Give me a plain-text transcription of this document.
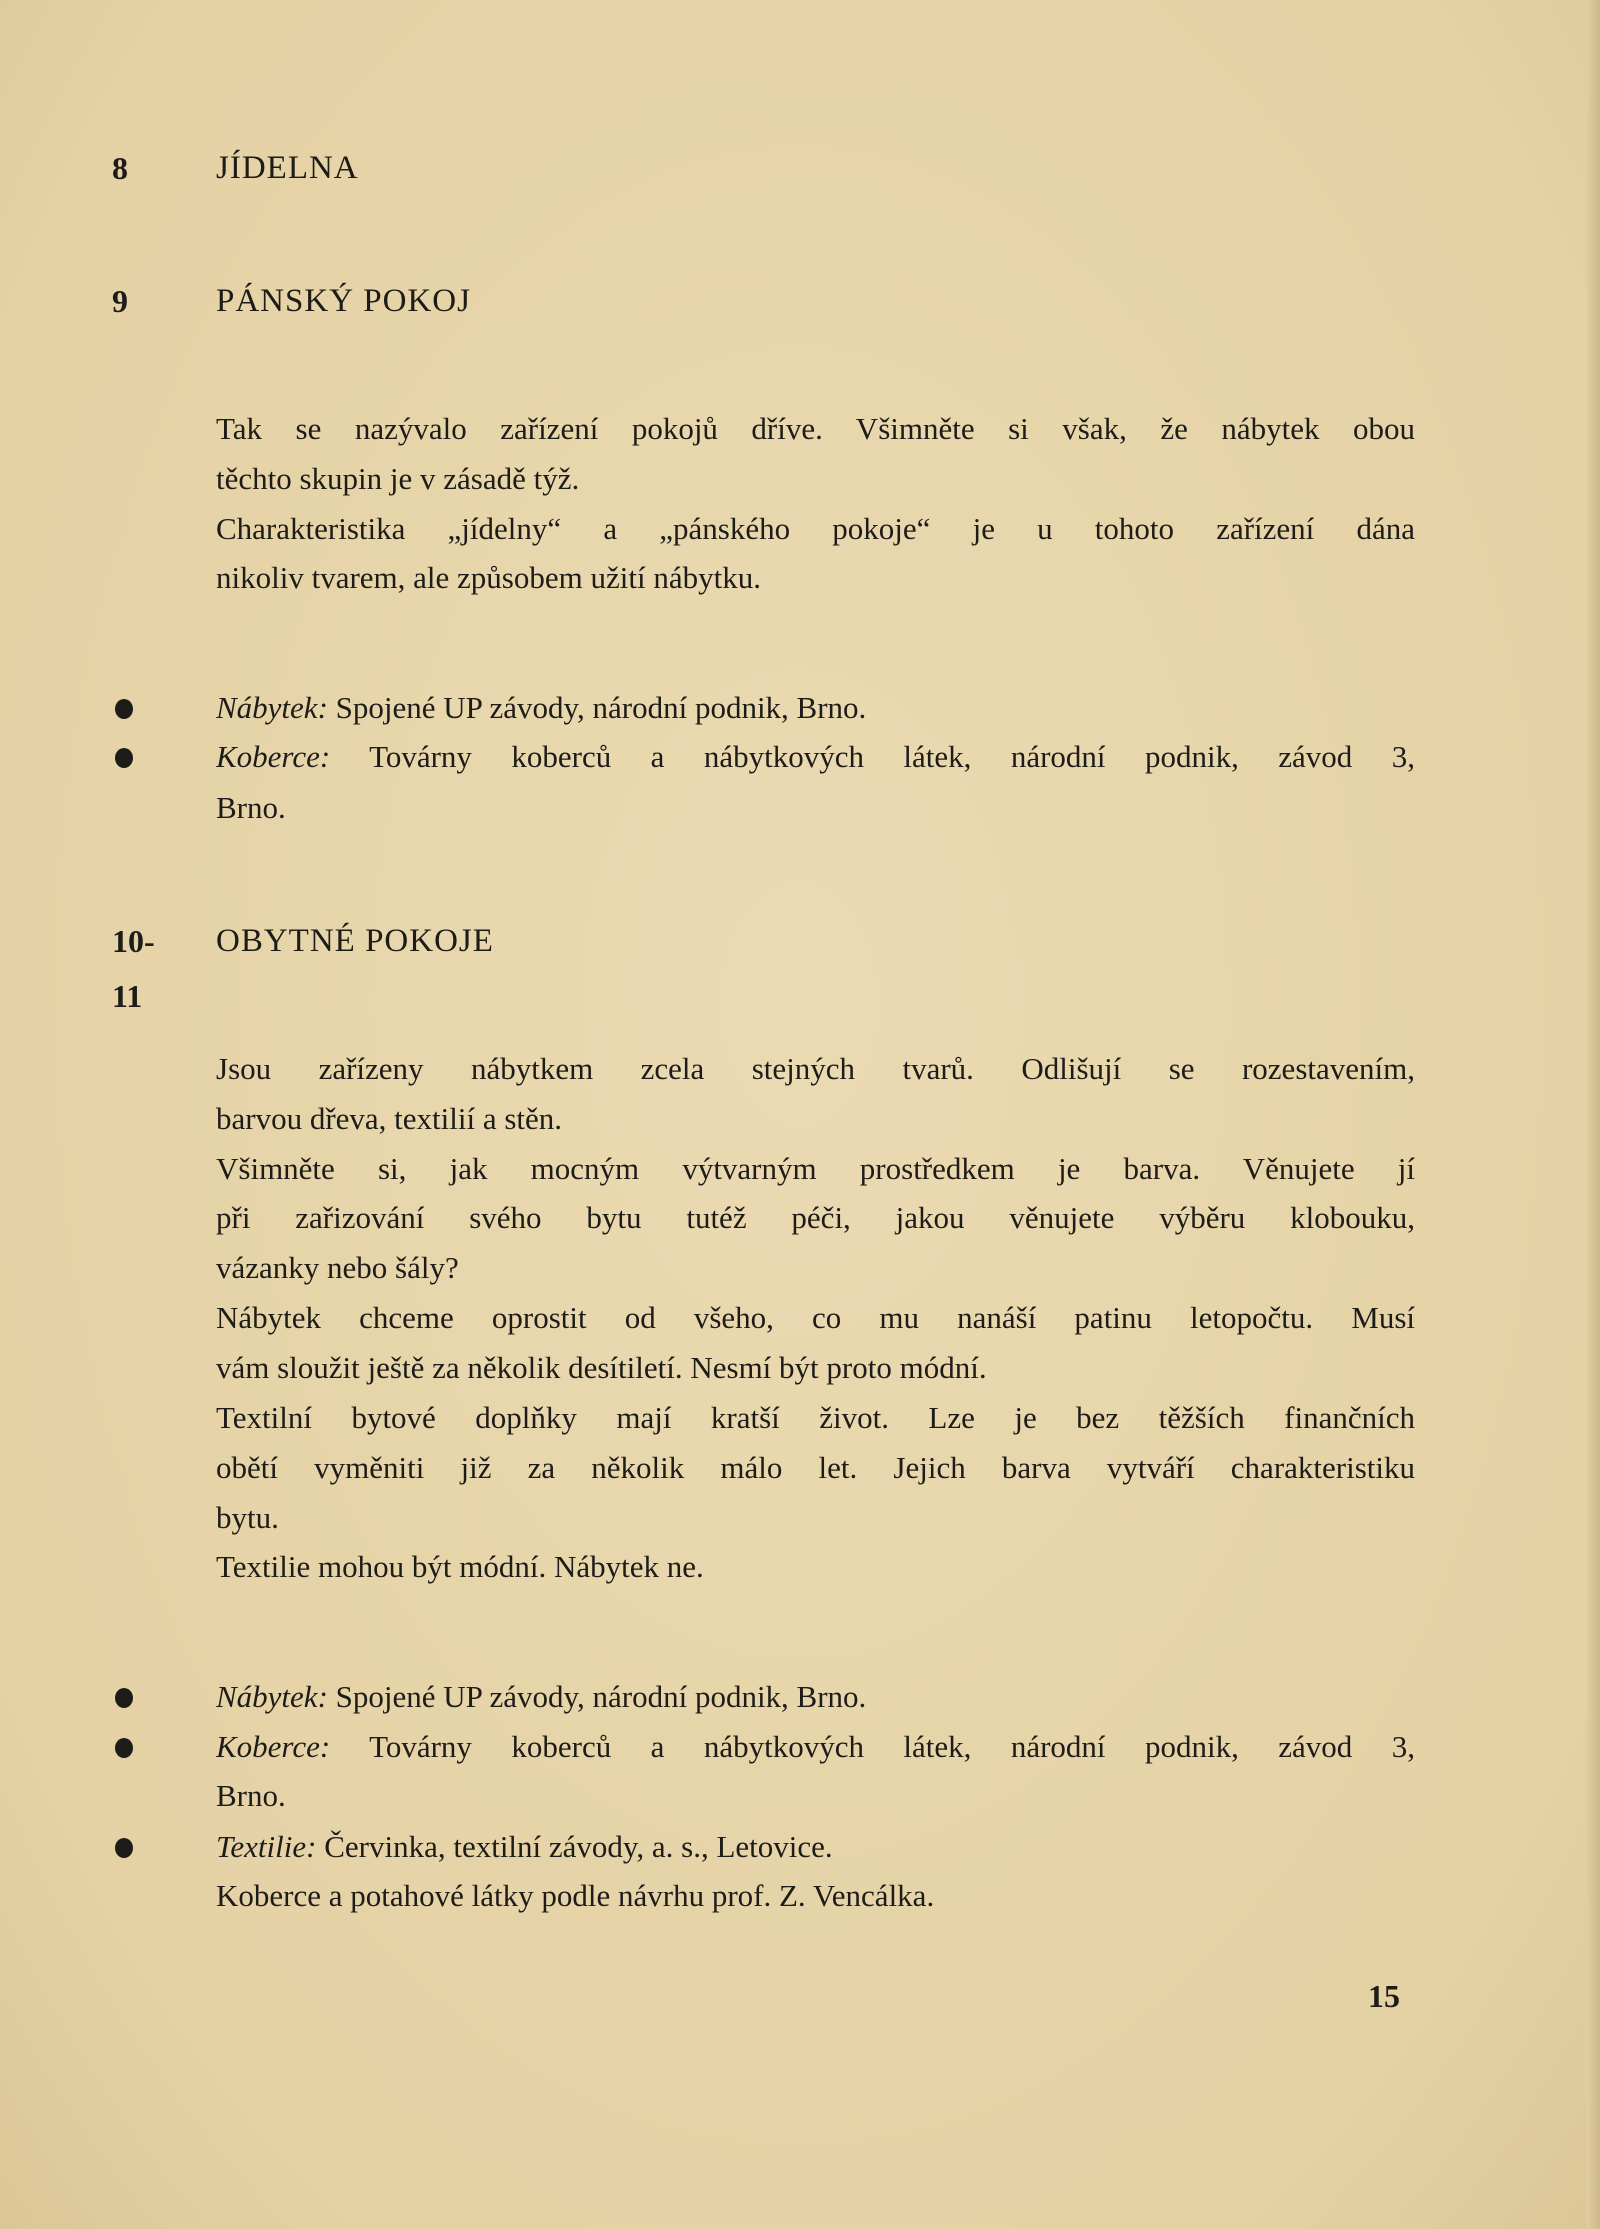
8	JÍDELNA
9	PÁNSKÝ POKOJ
Tak se nazývalo zařízení pokojů dříve. Všimněte si však, že nábytek obou
těchto skupin je v zásadě týž.
Charakteristika „jídelny“ a „pánského pokoje“ je u tohoto zařízení dána
nikoliv tvarem, ale způsobem užití nábytku.
Nábytek: Spojené UP závody, národní podnik, Brno.
Koberce: Továrny koberců a nábytkových látek, národní podnik, závod 3,
Brno.
10-
11
OBYTNÉ POKOJE
Jsou zařízeny nábytkem zcela stejných tvarů. Odlišují se rozestavením,
barvou dřeva, textilií a stěn.
Všimněte si, jak mocným výtvarným prostředkem je barva. Věnujete jí
při zařizování svého bytu tutéž péči, jakou věnujete výběru klobouku,
vázanky nebo šály?
Nábytek chceme oprostit od všeho, co mu nanáší patinu letopočtu. Musí
vám sloužit ještě za několik desítiletí. Nesmí být proto módní.
Textilní bytové doplňky mají kratší život. Lze je bez těžších finančních
obětí vyměniti již za několik málo let. Jejich barva vytváří charakteristiku
bytu.
Textilie mohou být módní. Nábytek ne.
Nábytek: Spojené UP závody, národní podnik, Brno.
Koberce: Továrny koberců a nábytkových látek, národní podnik, závod 3,
Brno.
Textilie: Červinka, textilní závody, a. s., Letovice.
Koberce a potahové látky podle návrhu prof. Z. Vencálka.
15
